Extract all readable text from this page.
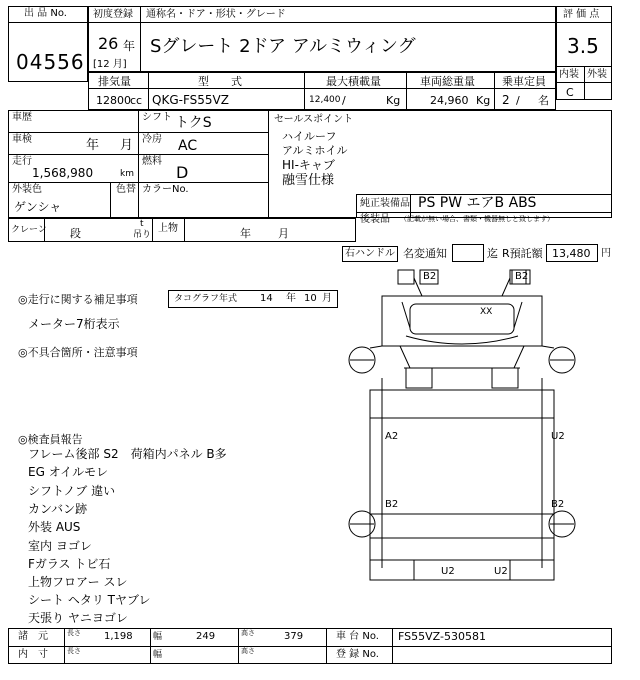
出 品 No.
04556
初度登録 通称名・ドア・形状・グレード
26 年
[12 月]
Sグレート 2ドア アルミウィング
評 価 点
3.5
内装 外装
C
排気量	型　　式	最大積載量	車両総重量 乗車定員
12800 cc QKG-FS55VZ	12,400 /	Kg	24,960 Kg 2 / 名
車歴	シフト トクS
車検	年 月 冷房 AC
走行
1,568,980	km
燃料
D
外装色
ゲンシャ
色替 カラーNo.
セールスポイント
ハイルーフ
アルミホイル
HI-キャブ
融雪仕様
純正装備品 PS PW エアB ABS
後装品 （記載が無い場合、書類・機器無しと致します）
クレーン 段
t
吊り
上物	年 月
右ハンドル 名変通知	迄 R預託額 13,480 円
◎走行に関する補足事項	タコグラフ年式 14 年 10 月
メーター7桁表示
◎不具合箇所・注意事項
◎検査員報告
フレーム後部 S2　荷箱内パネル B多
EG オイルモレ
シフトノブ 違い
カンバン跡
外装 AUS
室内 ヨゴレ
Fガラス トビ石
上物フロアー スレ
シート ヘタリ Tヤブレ
天張り ヤニヨゴレ
B2	B2
XX
A2	U2
B2	B2
U2	U2
諸　元	長さ 1,198 幅	249	高さ	379	車 台 No. FS55VZ-530581
内　寸	長さ	幅	高さ	登 録 No.
